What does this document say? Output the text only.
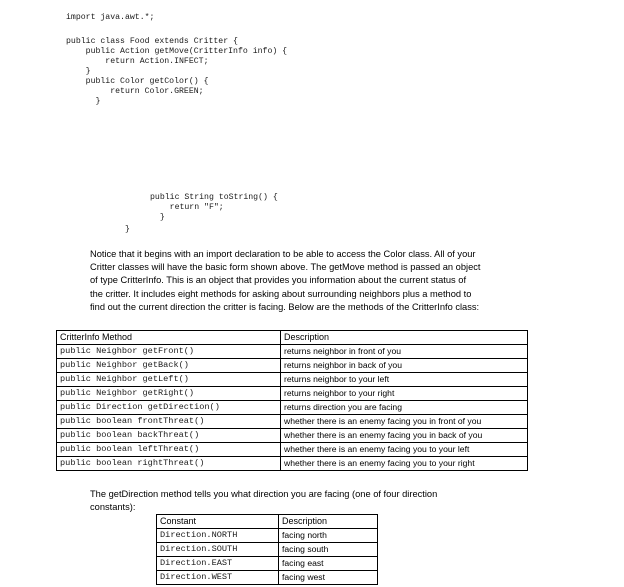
import java.awt.*;
public class Food extends Critter {
public Action getMove(CritterInfo info) {
return Action.INFECT;
}
public Color getColor() {
return Color.GREEN;
}
public String toString() {
return "F";
}
}
Notice that it begins with an import declaration to be able to access the Color class. All of your
Critter classes will have the basic form shown above. The getMove method is passed an object
of type CritterInfo. This is an object that provides you information about the current status of
the critter. It includes eight methods for asking about surrounding neighbors plus a method to
find out the current direction the critter is facing. Below are the methods of the CritterInfo class:
CritterInfo Method	Description
public Neighbor getFront()	returns neighbor in front of you
public Neighbor getBack()	returns neighbor in back of you
public Neighbor getLeft()	returns neighbor to your left
public Neighbor getRight()	returns neighbor to your right
public Direction getDirection()	returns direction you are facing
public boolean frontThreat()	whether there is an enemy facing you in front of you
public boolean backThreat()	whether there is an enemy facing you in back of you
public boolean leftThreat()	whether there is an enemy facing you to your left
public boolean rightThreat()	whether there is an enemy facing you to your right
The getDirection method tells you what direction you are facing (one of four direction
constants):
Constant	Description
Direction.NORTH	facing north
Direction.SOUTH	facing south
Direction.EAST	facing east
Direction.WEST	facing west
